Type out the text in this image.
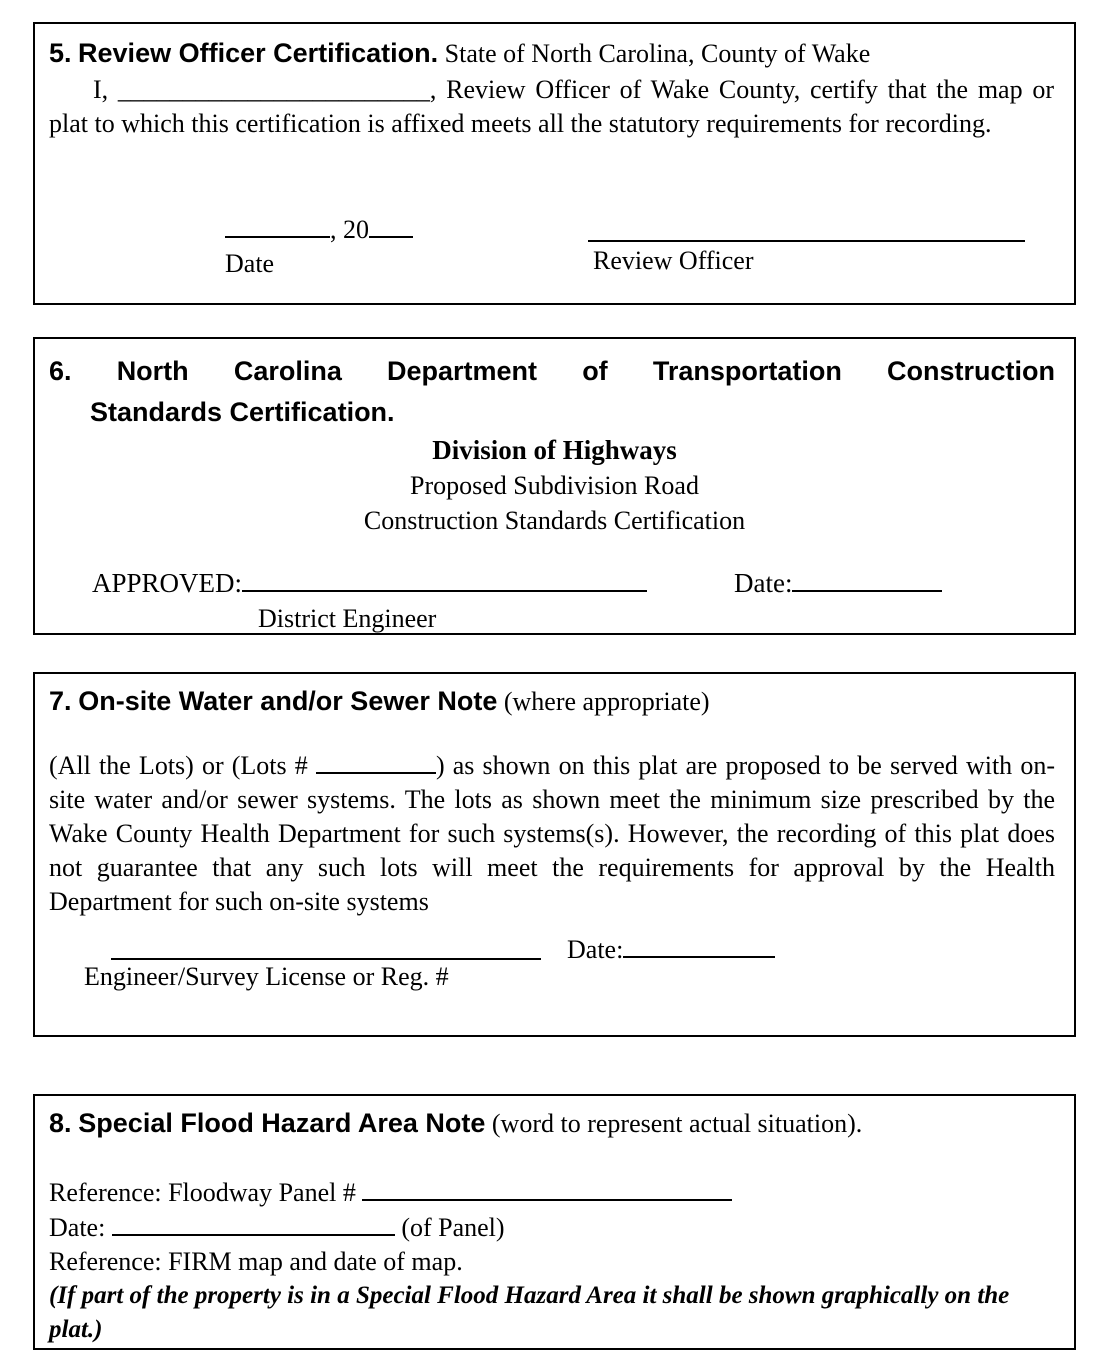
5. Review Officer Certification. State of North Carolina, County of Wake
I, ________________________, Review Officer of Wake County, certify that the map or plat to which this certification is affixed meets all the statutory requirements for recording.
, 20
Date	Review Officer
6. North Carolina Department of Transportation Construction
Standards Certification.
Division of Highways
Proposed Subdivision Road
Construction Standards Certification
APPROVED:	Date:
District Engineer
7. On-site Water and/or Sewer Note (where appropriate)
(All the Lots) or (Lots #	) as shown on this plat are proposed to be served with on-site water and/or sewer systems. The lots as shown meet the minimum size prescribed by the Wake County Health Department for such systems(s). However, the recording of this plat does not guarantee that any such lots will meet the requirements for approval by the Health Department for such on-site systems
Engineer/Survey License or Reg. #
Date:
8. Special Flood Hazard Area Note (word to represent actual situation).
Reference: Floodway Panel #
Date:	(of Panel)
Reference: FIRM map and date of map.
(If part of the property is in a Special Flood Hazard Area it shall be shown graphically on the plat.)
